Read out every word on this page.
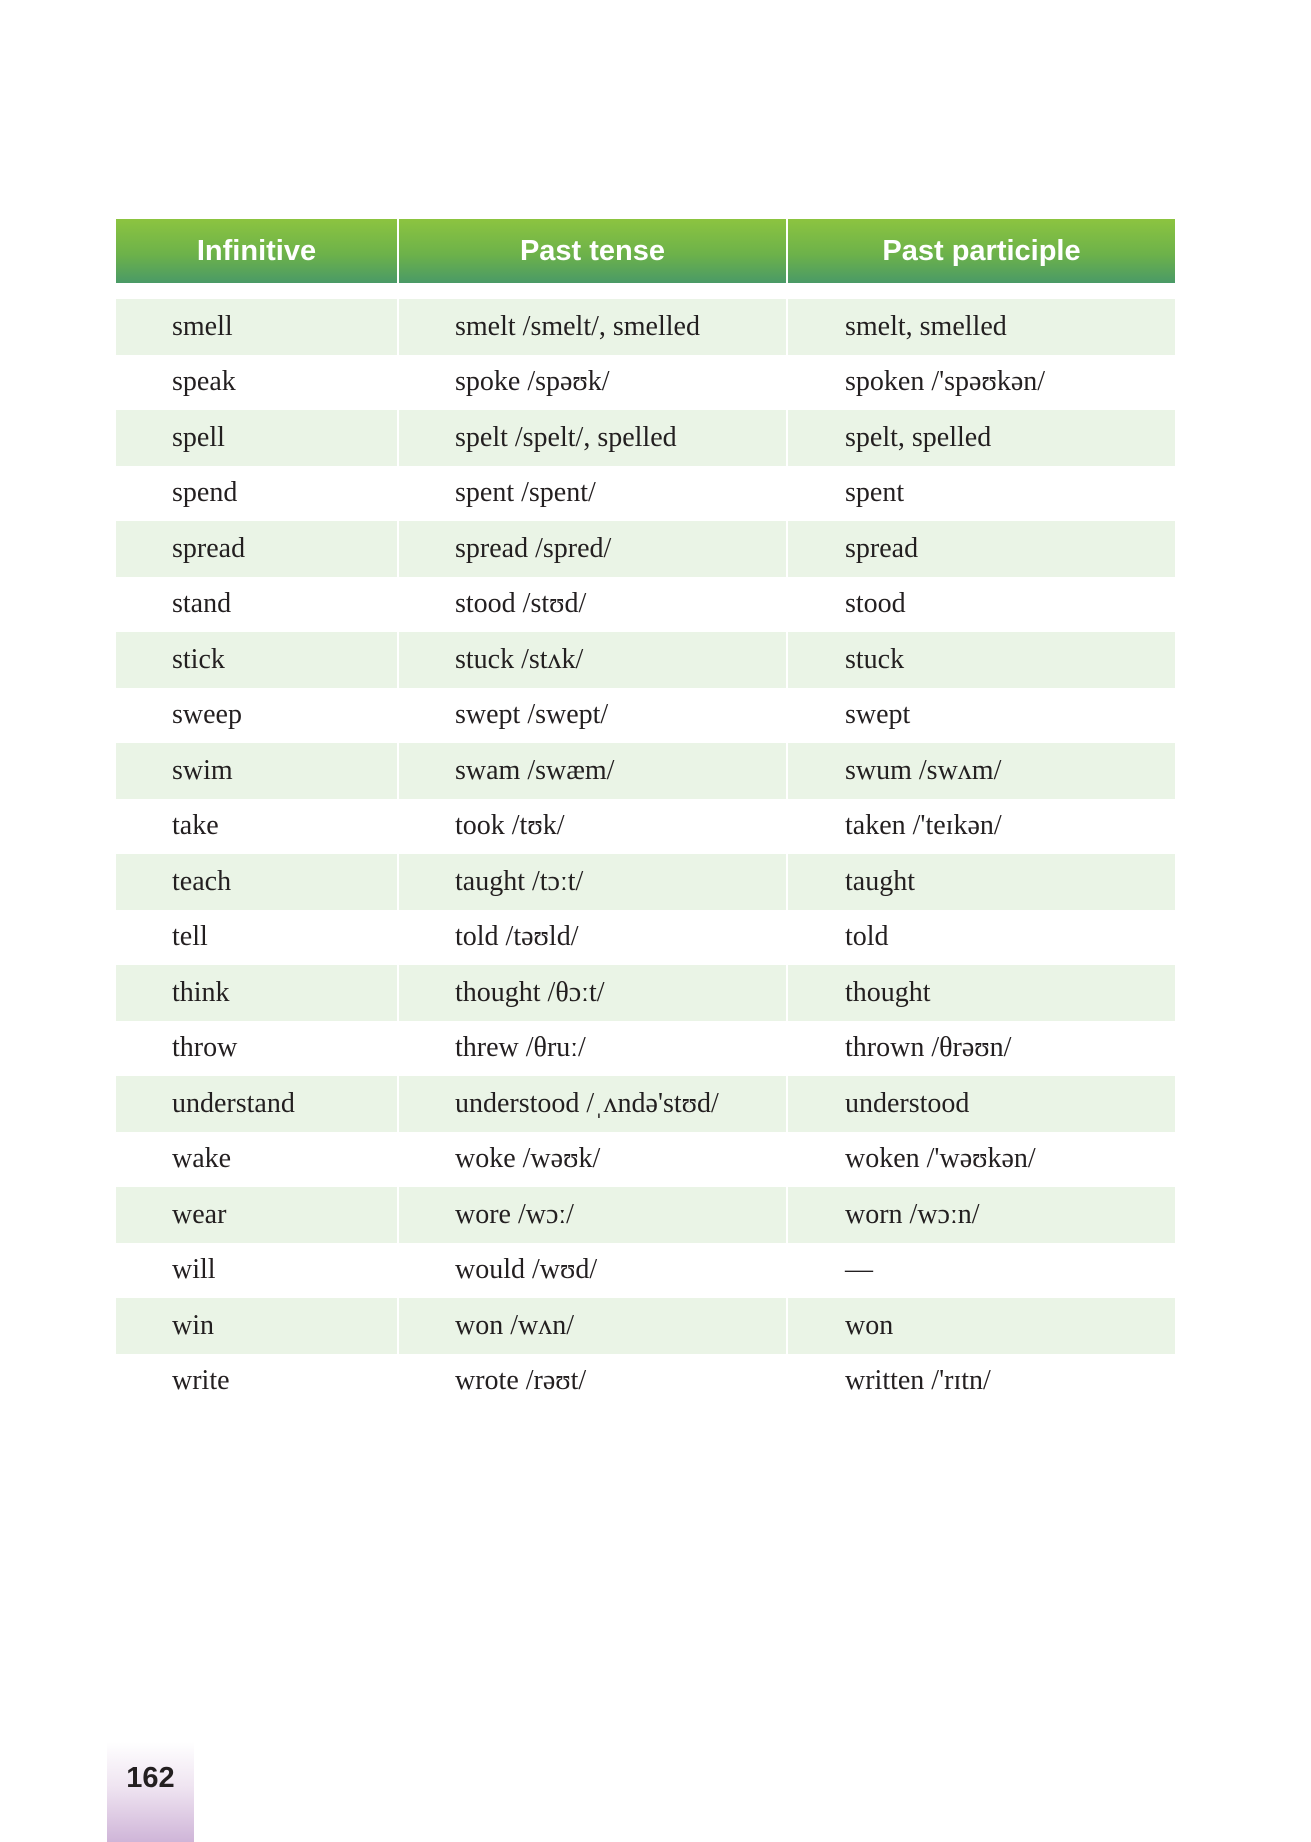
Infinitive	Past tense	Past participle
smell	smelt /smelt/, smelled	smelt, smelled
speak	spoke /spəʊk/	spoken /'spəʊkən/
spell	spelt /spelt/, spelled	spelt, spelled
spend	spent /spent/	spent
spread	spread /spred/	spread
stand	stood /stʊd/	stood
stick	stuck /stʌk/	stuck
sweep	swept /swept/	swept
swim	swam /swæm/	swum /swʌm/
take	took /tʊk/	taken /'teɪkən/
teach	taught /tɔːt/	taught
tell	told /təʊld/	told
think	thought /θɔːt/	thought
throw	threw /θruː/	thrown /θrəʊn/
understand	understood /ˌʌndə'stʊd/	understood
wake	woke /wəʊk/	woken /'wəʊkən/
wear	wore /wɔː/	worn /wɔːn/
will	would /wʊd/	—
win	won /wʌn/	won
write	wrote /rəʊt/	written /'rɪtn/
162
